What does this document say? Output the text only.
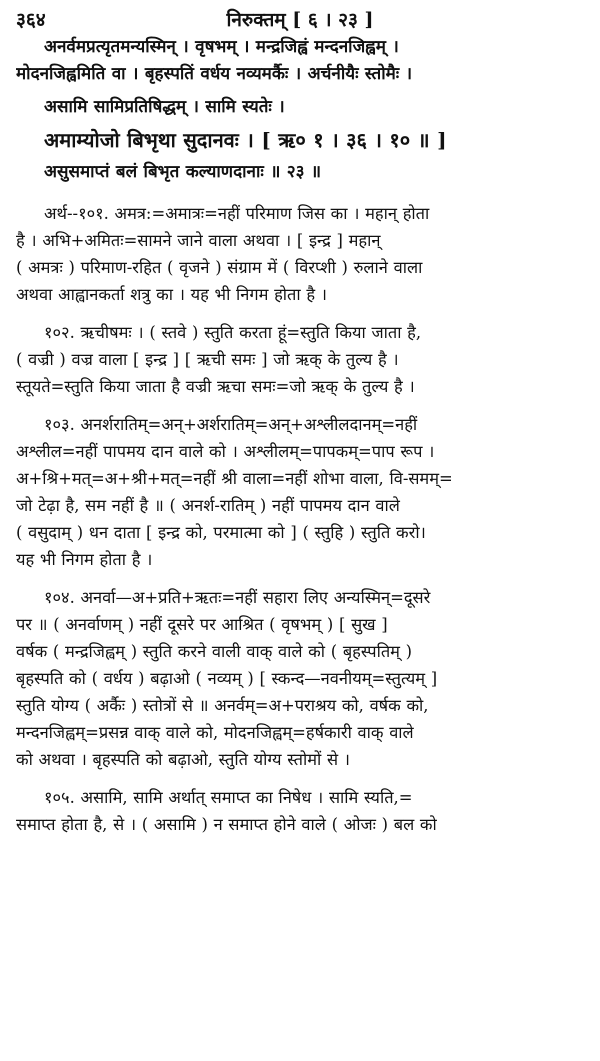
३६४	निरुक्तम् [ ६ । २३ ]
अनर्वमप्रत्यृतमन्यस्मिन् । वृषभम् । मन्द्रजिह्वं मन्दनजिह्वम् ।
मोदनजिह्वमिति वा । बृहस्पतिं वर्धय नव्यमर्कैः । अर्चनीयैः स्तोमैः ।
असामि सामिप्रतिषिद्धम् । सामि स्यतेः ।
अमाम्योजो बिभृथा सुदानवः । [ ऋ० १ । ३६ । १० ॥ ]
असुसमाप्तं बलं बिभृत कल्याणदानाः ॥ २३ ॥
अर्थ--१०१. अमत्र:=अमात्रः=नहीं परिमाण जिस का । महान् होता
है । अभि+अमितः=सामने जाने वाला अथवा । [ इन्द्र ] महान्
( अमत्रः ) परिमाण-रहित ( वृजने ) संग्राम में ( विरप्शी ) रुलाने वाला
अथवा आह्वानकर्ता शत्रु का । यह भी निगम होता है ।
१०२. ऋचीषमः । ( स्तवे ) स्तुति करता हूं=स्तुति किया जाता है,
( वज्री ) वज्र वाला [ इन्द्र ] [ ऋची समः ] जो ऋक् के तुल्य है ।
स्तूयते=स्तुति किया जाता है वज्री ऋचा समः=जो ऋक् के तुल्य है ।
१०३. अनर्शरातिम्=अन्+अर्शरातिम्=अन्+अश्लीलदानम्=नहीं
अश्लील=नहीं पापमय दान वाले को । अश्लीलम्=पापकम्=पाप रूप ।
अ+श्रि+मत्=अ+श्री+मत्=नहीं श्री वाला=नहीं शोभा वाला, वि-समम्=
जो टेढ़ा है, सम नहीं है ॥ ( अनर्श-रातिम् ) नहीं पापमय दान वाले
( वसुदाम् ) धन दाता [ इन्द्र को, परमात्मा को ] ( स्तुहि ) स्तुति करो।
यह भी निगम होता है ।
१०४. अनर्वा—अ+प्रति+ऋतः=नहीं सहारा लिए अन्यस्मिन्=दूसरे
पर ॥ ( अनर्वाणम् ) नहीं दूसरे पर आश्रित ( वृषभम् ) [ सुख ]
वर्षक ( मन्द्रजिह्वम् ) स्तुति करने वाली वाक् वाले को ( बृहस्पतिम् )
बृहस्पति को ( वर्धय ) बढ़ाओ ( नव्यम् ) [ स्कन्द—नवनीयम्=स्तुत्यम् ]
स्तुति योग्य ( अर्कैः ) स्तोत्रों से ॥ अनर्वम्=अ+पराश्रय को, वर्षक को,
मन्दनजिह्वम्=प्रसन्न वाक् वाले को, मोदनजिह्वम्=हर्षकारी वाक् वाले
को अथवा । बृहस्पति को बढ़ाओ, स्तुति योग्य स्तोमों से ।
१०५. असामि, सामि अर्थात् समाप्त का निषेध । सामि स्यति,=
समाप्त होता है, से । ( असामि ) न समाप्त होने वाले ( ओजः ) बल को
